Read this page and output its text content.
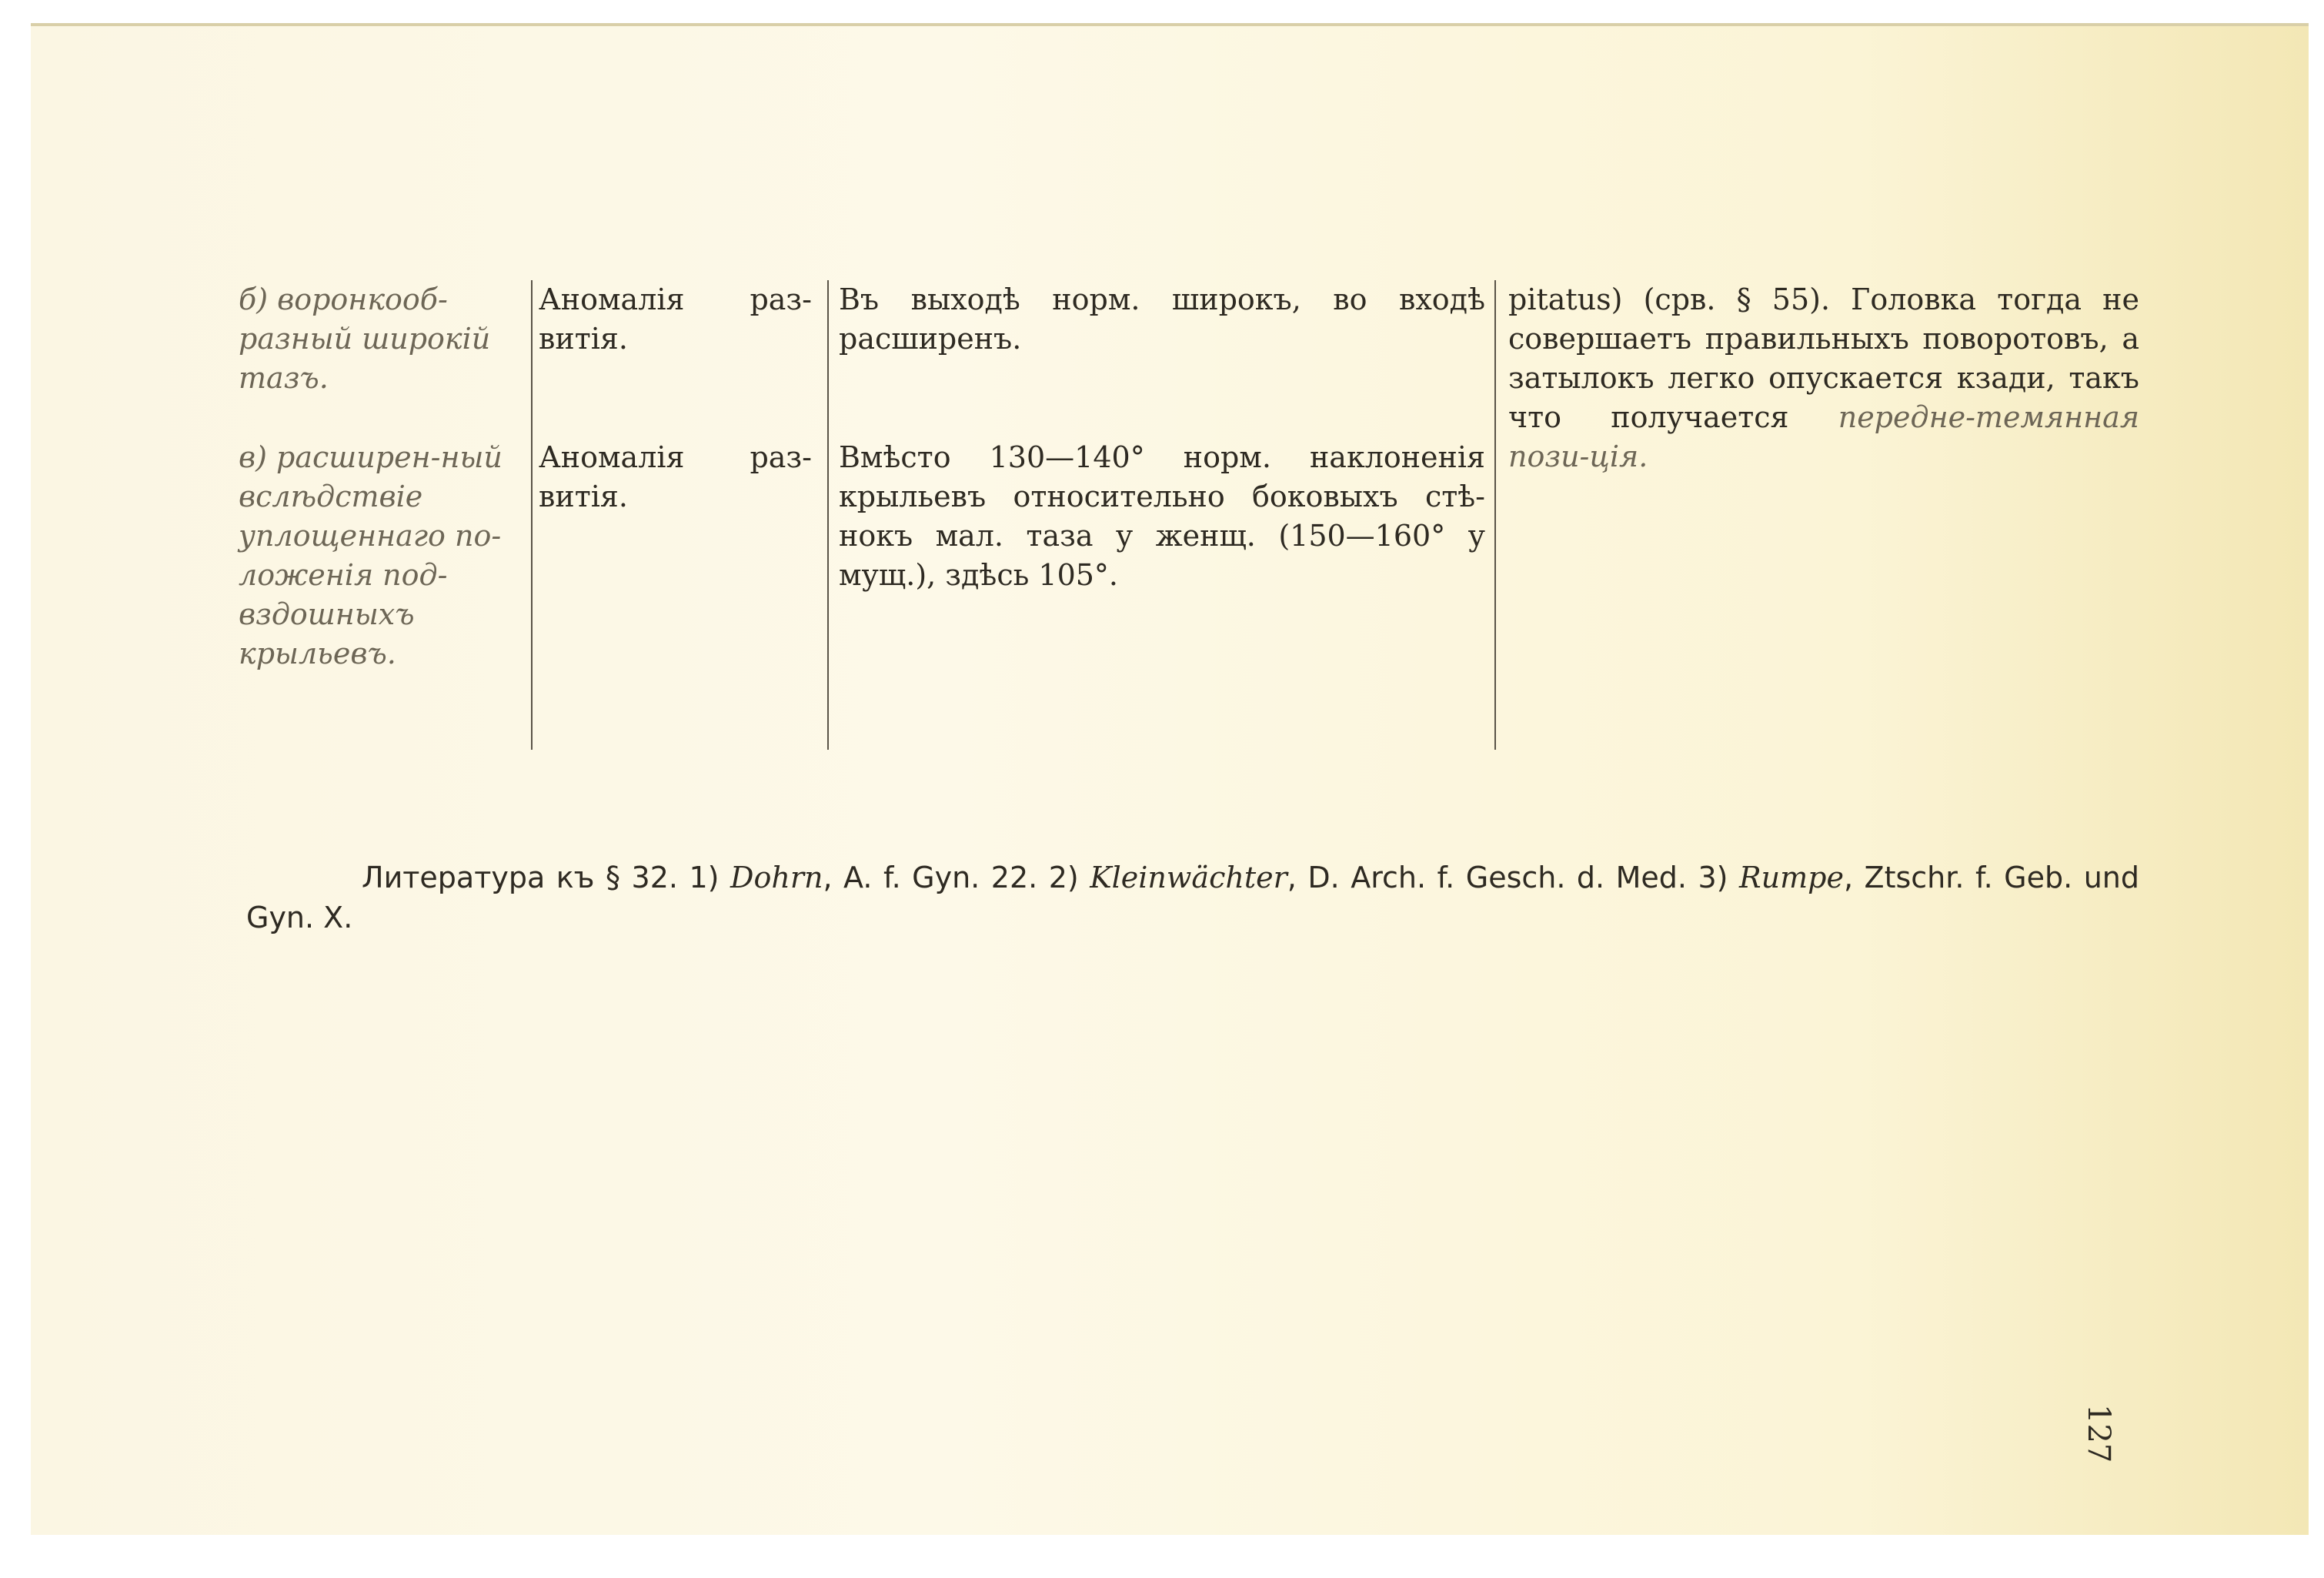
б) воронкооб-разный широкій тазъ.
Аномалія раз-витія.
Въ выходѣ норм. широкъ, во входѣ расширенъ.
pitatus) (срв. § 55). Головка тогда не совершаетъ правильныхъ поворотовъ, а затылокъ легко опускается кзади, такъ что получается передне-темянная пози-ція.
в) расширен-ный вслѣдствіе уплощеннаго по-ложенія под-вздошныхъ крыльевъ.
Аномалія раз-витія.
Вмѣсто 130—140° норм. наклоненія крыльевъ относительно боковыхъ стѣ-нокъ мал. таза у женщ. (150—160° у мущ.), здѣсь 105°.
Литература къ § 32. 1) Dohrn, A. f. Gyn. 22. 2) Kleinwächter, D. Arch. f. Gesch. d. Med. 3) Rumpe, Ztschr. f. Geb. und Gyn. X.
127
